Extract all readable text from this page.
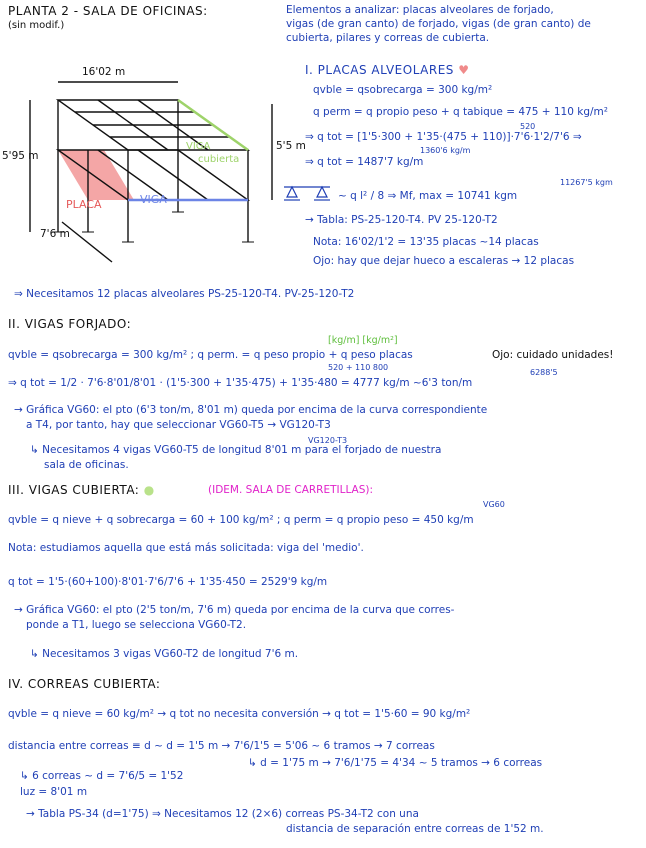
PLANTA 2 - SALA DE OFICINAS:
(sin modif.)
Elementos a analizar: placas alveolares de forjado,
vigas (de gran canto) de forjado, vigas (de gran canto) de
cubierta, pilares y correas de cubierta.
16'02 m
5'95 m
5'5 m
7'6 m
PLACA	VIGA
VIGA
cubierta
I. PLACAS ALVEOLARES ♥
qvble = qsobrecarga = 300 kg/m²
q perm = q propio peso + q tabique = 475 + 110 kg/m²
520
⇒ q tot = [1'5·300 + 1'35·(475 + 110)]·7'6·1'2/7'6 ⇒
1360'6 kg/m
⇒ q tot = 1487'7 kg/m
11267'5 kgm
~ q l² / 8 ⇒ Mf, max = 10741 kgm
→ Tabla: PS-25-120-T4. PV 25-120-T2
Nota: 16'02/1'2 = 13'35 placas ~14 placas
Ojo: hay que dejar hueco a escaleras → 12 placas
⇒ Necesitamos 12 placas alveolares PS-25-120-T4. PV-25-120-T2
II. VIGAS FORJADO:
[kg/m] [kg/m²]
qvble = qsobrecarga = 300 kg/m² ; q perm. = q peso propio + q peso placas	Ojo: cuidado unidades!
520 + 110 800
6288'5
⇒ q tot = 1/2 · 7'6·8'01/8'01 · (1'5·300 + 1'35·475) + 1'35·480 = 4777 kg/m ~6'3 ton/m
→ Gráfica VG60: el pto (6'3 ton/m, 8'01 m) queda por encima de la curva correspondiente
a T4, por tanto, hay que seleccionar VG60-T5 → VG120-T3
VG120-T3
↳ Necesitamos 4 vigas VG60-T5 de longitud 8'01 m para el forjado de nuestra
sala de oficinas.
III. VIGAS CUBIERTA: ●	(IDEM. SALA DE CARRETILLAS):
VG60
qvble = q nieve + q sobrecarga = 60 + 100 kg/m² ; q perm = q propio peso = 450 kg/m
Nota: estudiamos aquella que está más solicitada: viga del 'medio'.
q tot = 1'5·(60+100)·8'01·7'6/7'6 + 1'35·450 = 2529'9 kg/m
→ Gráfica VG60: el pto (2'5 ton/m, 7'6 m) queda por encima de la curva que corres-
ponde a T1, luego se selecciona VG60-T2.
↳ Necesitamos 3 vigas VG60-T2 de longitud 7'6 m.
IV. CORREAS CUBIERTA:
qvble = q nieve = 60 kg/m² → q tot no necesita conversión → q tot = 1'5·60 = 90 kg/m²
distancia entre correas ≡ d ~ d = 1'5 m → 7'6/1'5 = 5'06 ~ 6 tramos → 7 correas
↳ d = 1'75 m → 7'6/1'75 = 4'34 ~ 5 tramos → 6 correas
↳ 6 correas ~ d = 7'6/5 = 1'52
luz = 8'01 m
→ Tabla PS-34 (d=1'75) ⇒ Necesitamos 12 (2×6) correas PS-34-T2 con una
distancia de separación entre correas de 1'52 m.
